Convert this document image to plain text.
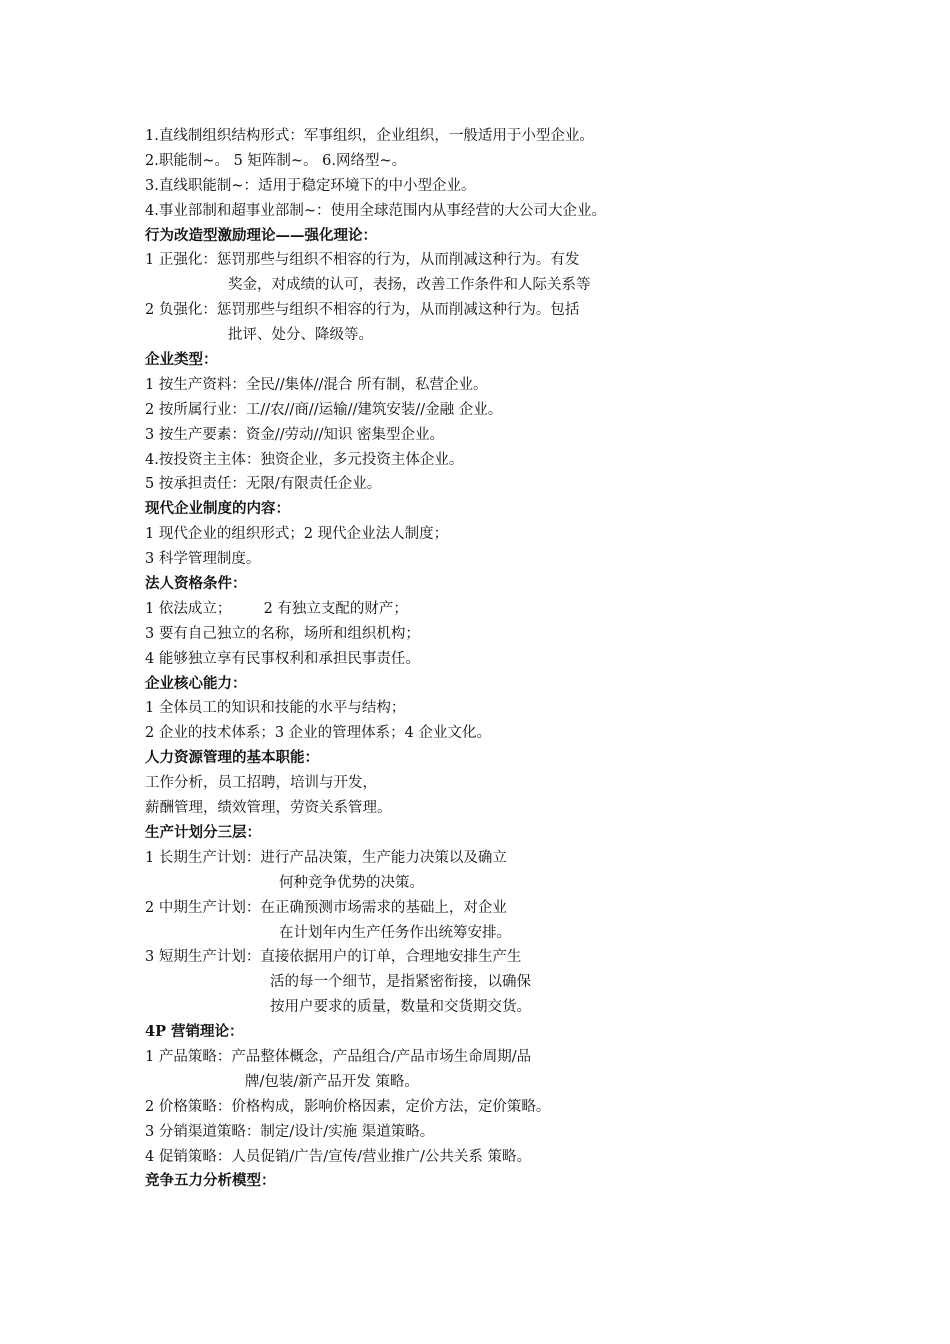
1.直线制组织结构形式：军事组织，企业组织，一般适用于小型企业。
2.职能制~。 5 矩阵制~。 6.网络型~。
3.直线职能制~：适用于稳定环境下的中小型企业。
4.事业部制和超事业部制~：使用全球范围内从事经营的大公司大企业。
行为改造型激励理论——强化理论：
1 正强化：惩罚那些与组织不相容的行为，从而削减这种行为。有发
奖金，对成绩的认可，表扬，改善工作条件和人际关系等
2 负强化：惩罚那些与组织不相容的行为，从而削减这种行为。包括
批评、处分、降级等。
企业类型：
1 按生产资料：全民//集体//混合 所有制，私营企业。
2 按所属行业：工//农//商//运输//建筑安装//金融 企业。
3 按生产要素：资金//劳动//知识 密集型企业。
4.按投资主主体：独资企业，多元投资主体企业。
5 按承担责任：无限/有限责任企业。
现代企业制度的内容：
1 现代企业的组织形式；2 现代企业法人制度；
3 科学管理制度。
法人资格条件：
1 依法成立；       2 有独立支配的财产；
3 要有自己独立的名称，场所和组织机构；
4 能够独立享有民事权利和承担民事责任。
企业核心能力：
1 全体员工的知识和技能的水平与结构；
2 企业的技术体系；3 企业的管理体系；4 企业文化。
人力资源管理的基本职能：
工作分析，员工招聘，培训与开发，
薪酬管理，绩效管理，劳资关系管理。
生产计划分三层：
1 长期生产计划：进行产品决策，生产能力决策以及确立
何种竞争优势的决策。
2 中期生产计划：在正确预测市场需求的基础上，对企业
在计划年内生产任务作出统筹安排。
3 短期生产计划：直接依据用户的订单，合理地安排生产生
活的每一个细节，是指紧密衔接，以确保
按用户要求的质量，数量和交货期交货。
4P 营销理论：
1 产品策略：产品整体概念，产品组合/产品市场生命周期/品
牌/包装/新产品开发 策略。
2 价格策略：价格构成，影响价格因素，定价方法，定价策略。
3 分销渠道策略：制定/设计/实施 渠道策略。
4 促销策略：人员促销/广告/宣传/营业推广/公共关系 策略。
竞争五力分析模型：
